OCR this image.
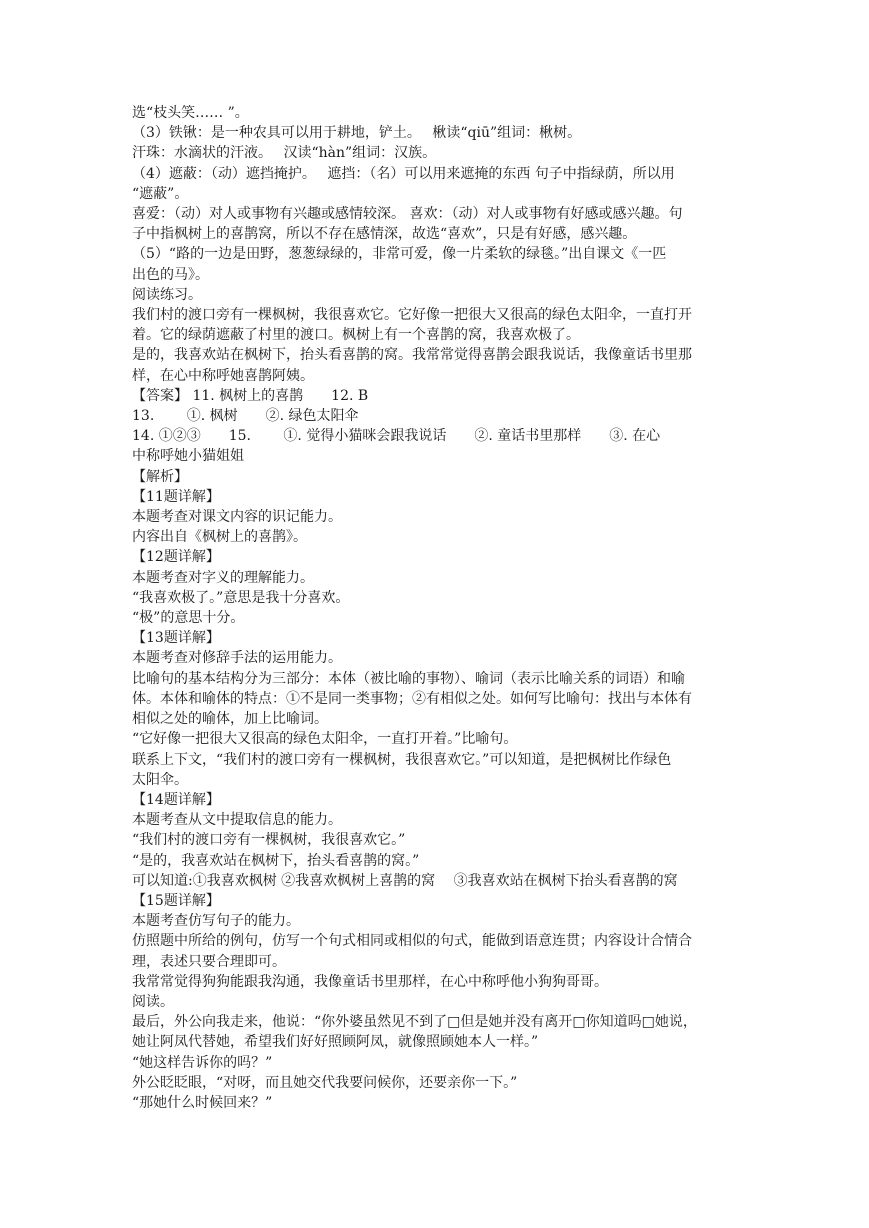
选“枝头笑…… ”。

（3）铁锹：是一种农具可以用于耕地，铲土。　 楸读“qiū”组词：楸树。

汗珠：水滴状的汗液。　 汉读“hàn”组词：汉族。

（4）遮蔽：（动）遮挡掩护。　 遮挡：（名）可以用来遮掩的东西 句子中指绿荫，所以用

“遮蔽”。

喜爱：（动）对人或事物有兴趣或感情较深。 喜欢：（动）对人或事物有好感或感兴趣。句

子中指枫树上的喜鹊窝，所以不存在感情深，故选“喜欢”，只是有好感，感兴趣。

（5）“路的一边是田野，葱葱绿绿的，非常可爱，像一片柔软的绿毯。”出自课文《一匹

出色的马》。

阅读练习。

我们村的渡口旁有一棵枫树，我很喜欢它。它好像一把很大又很高的绿色太阳伞，一直打开

着。它的绿荫遮蔽了村里的渡口。枫树上有一个喜鹊的窝，我喜欢极了。

是的，我喜欢站在枫树下，抬头看喜鹊的窝。我常常觉得喜鹊会跟我说话，我像童话书里那

样，在心中称呼她喜鹊阿姨。

【答案】 11. 枫树上的喜鹊　　12. B

13.　　 ①. 枫树　　②. 绿色太阳伞

14. ①②③　　15.　　 ①. 觉得小猫咪会跟我说话　　②. 童话书里那样　　③. 在心

中称呼她小猫姐姐

【解析】

【11题详解】

本题考查对课文内容的识记能力。

内容出自《枫树上的喜鹊》。

【12题详解】

本题考查对字义的理解能力。

“我喜欢极了。”意思是我十分喜欢。

“极”的意思十分。

【13题详解】

本题考查对修辞手法的运用能力。

比喻句的基本结构分为三部分：本体（被比喻的事物）、喻词（表示比喻关系的词语）和喻

体。本体和喻体的特点：①不是同一类事物；②有相似之处。如何写比喻句：找出与本体有

相似之处的喻体，加上比喻词。

“它好像一把很大又很高的绿色太阳伞，一直打开着。”比喻句。

联系上下文，“我们村的渡口旁有一棵枫树，我很喜欢它。”可以知道，是把枫树比作绿色

太阳伞。

【14题详解】

本题考查从文中提取信息的能力。

“我们村的渡口旁有一棵枫树，我很喜欢它。”

“是的，我喜欢站在枫树下，抬头看喜鹊的窝。”

可以知道:①我喜欢枫树 ②我喜欢枫树上喜鹊的窝　 ③我喜欢站在枫树下抬头看喜鹊的窝

【15题详解】

本题考查仿写句子的能力。

仿照题中所给的例句，仿写一个句式相同或相似的句式，能做到语意连贯；内容设计合情合

理，表述只要合理即可。

我常常觉得狗狗能跟我沟通，我像童话书里那样，在心中称呼他小狗狗哥哥。

阅读。

最后，外公向我走来，他说：“你外婆虽然见不到了□但是她并没有离开□你知道吗□她说，

她让阿凤代替她，希望我们好好照顾阿凤，就像照顾她本人一样。”

“她这样告诉你的吗？”

外公眨眨眼，“对呀，而且她交代我要问候你，还要亲你一下。”

“那她什么时候回来？”
